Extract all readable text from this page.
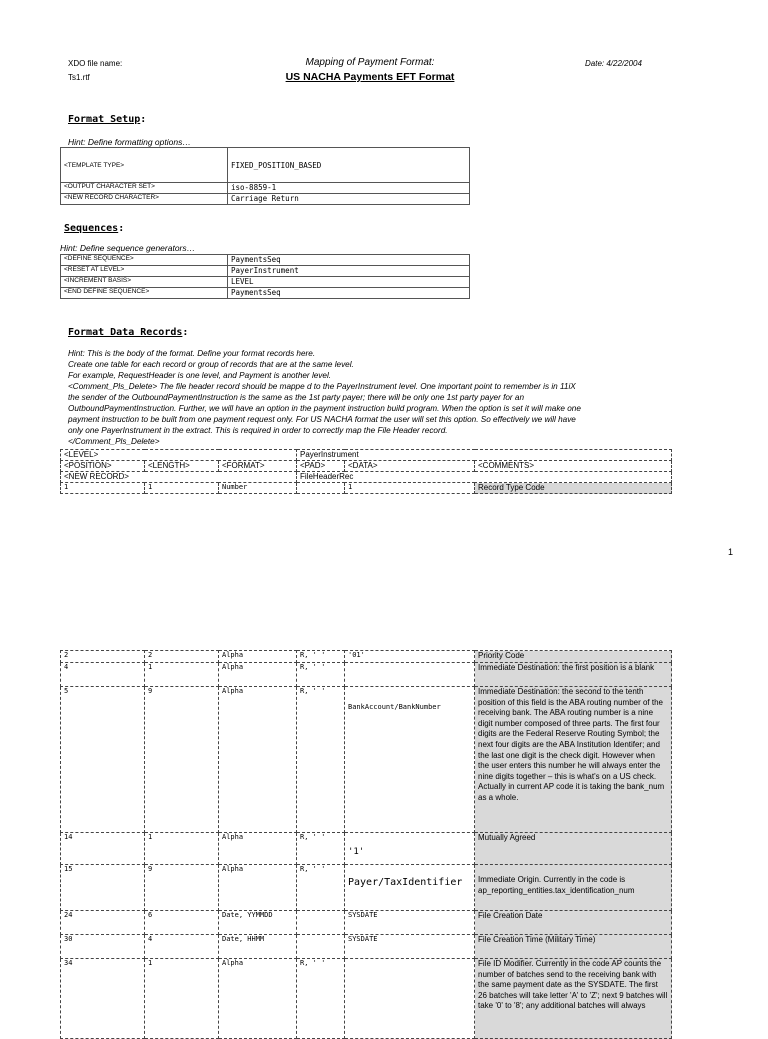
XDO file name:
Ts1.rtf
Mapping of Payment Format:
US NACHA Payments EFT Format
Date: 4/22/2004
Format Setup:
Hint: Define formatting options…
<TEMPLATE TYPE>	FIXED_POSITION_BASED
<OUTPUT CHARACTER SET>	iso-8859-1
<NEW RECORD CHARACTER>	Carriage Return
Sequences:
Hint: Define sequence generators…
<DEFINE SEQUENCE>	PaymentsSeq
<RESET AT LEVEL>	PayerInstrument
<INCREMENT BASIS>	LEVEL
<END DEFINE SEQUENCE>	PaymentsSeq
Format Data Records:
Hint: This is the body of the format. Define your format records here.
Create one table for each record or group of records that are at the same level.
For example, RequestHeader is one level, and Payment is another level.
<Comment_Pls_Delete> The file header record should be mappe d to the PayerInstrument level. One important point to remember is in 11iX
the sender of the OutboundPaymentInstruction is the same as the 1st party payer; there will be only one 1st party payer for an
OutboundPaymentInstruction. Further, we will have an option in the payment instruction build program. When the option is set it will make one
payment instruction to be built from one payment request only. For US NACHA format the user will set this option. So effectively we will have
only one PayerInstrument in the extract. This is required in order to correctly map the File Header record.
</Comment_Pls_Delete>
<LEVEL>			PayerInstrument		
<POSITION>	<LENGTH>	<FORMAT>	<PAD>	<DATA>	<COMMENTS>
<NEW RECORD>			FileHeaderRec		
1	1	Number		1	Record Type Code
1
2	2	Alpha	R, ' '	'01'	Priority Code
4	1	Alpha	R, ' '		Immediate Destination: the first position is a blank
5	9	Alpha	R, ' '	BankAccount/BankNumber	Immediate Destination: the second to the tenth position of this field is the ABA routing number of the receiving bank. The ABA routing number is a nine digit number composed of three parts. The first four digits are the Federal Reserve Routing Symbol; the next four digits are the ABA Institution Identifer; and the last one digit is the check digit. However when the user enters this number he will always enter the nine digits together – this is what's on a US check. Actually in current AP code it is taking the bank_num as a whole.
14	1	Alpha	R, ' '	'1'	Mutually Agreed
15	9	Alpha	R, ' '	Payer/TaxIdentifier	Immediate Origin. Currently in the code is ap_reporting_entities.tax_identification_num
24	6	Date, YYMMDD		SYSDATE	File Creation Date
30	4	Date, HHMM		SYSDATE	File Creation Time (Military Time)
34	1	Alpha	R, ' '		File ID Modifier. Currently in the code AP counts the number of batches send to the receiving bank with the same payment date as the SYSDATE. The first 26 batches will take letter 'A' to 'Z'; next 9 batches will take '0' to '8'; any additional batches will always
